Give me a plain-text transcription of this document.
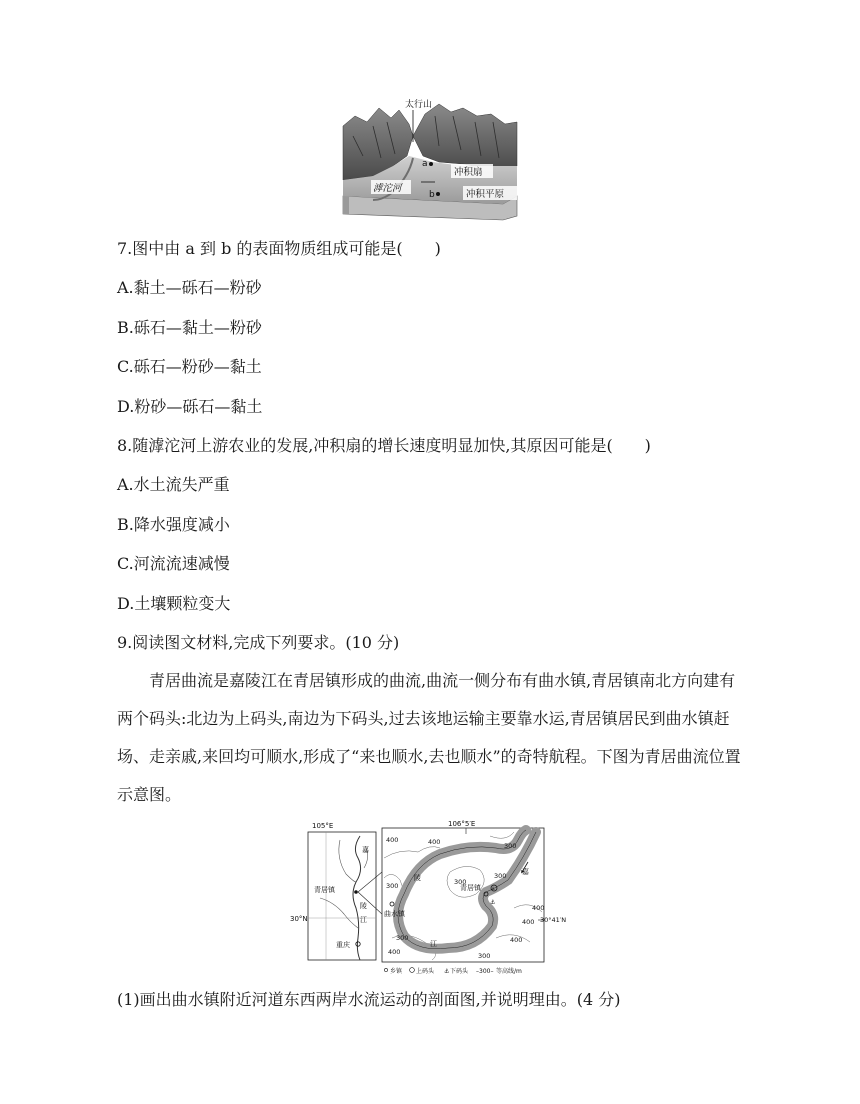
太行山
a
b
冲积扇
滹沱河
冲积平原
7.图中由 a 到 b 的表面物质组成可能是(　　)
A.黏土—砾石—粉砂
B.砾石—黏土—粉砂
C.砾石—粉砂—黏土
D.粉砂—砾石—黏土
8.随滹沱河上游农业的发展,冲积扇的增长速度明显加快,其原因可能是(　　)
A.水土流失严重
B.降水强度减小
C.河流流速减慢
D.土壤颗粒变大
9.阅读图文材料,完成下列要求。(10 分)
青居曲流是嘉陵江在青居镇形成的曲流,曲流一侧分布有曲水镇,青居镇南北方向建有两个码头:北边为上码头,南边为下码头,过去该地运输主要靠水运,青居镇居民到曲水镇赶场、走亲戚,来回均可顺水,形成了“来也顺水,去也顺水”的奇特航程。下图为青居曲流位置示意图。
105°E
30°N
嘉
陵
江
青居镇
重庆
106°5′E
30°41′N
陵
嘉
江
青居镇 ⚓
⚓
曲水镇
400	400	300
300	300
300
400
400
300	400
300
400
乡镇 上码头 ⚓ 下码头 –300– 等高线/m
(1)画出曲水镇附近河道东西两岸水流运动的剖面图,并说明理由。(4 分)
